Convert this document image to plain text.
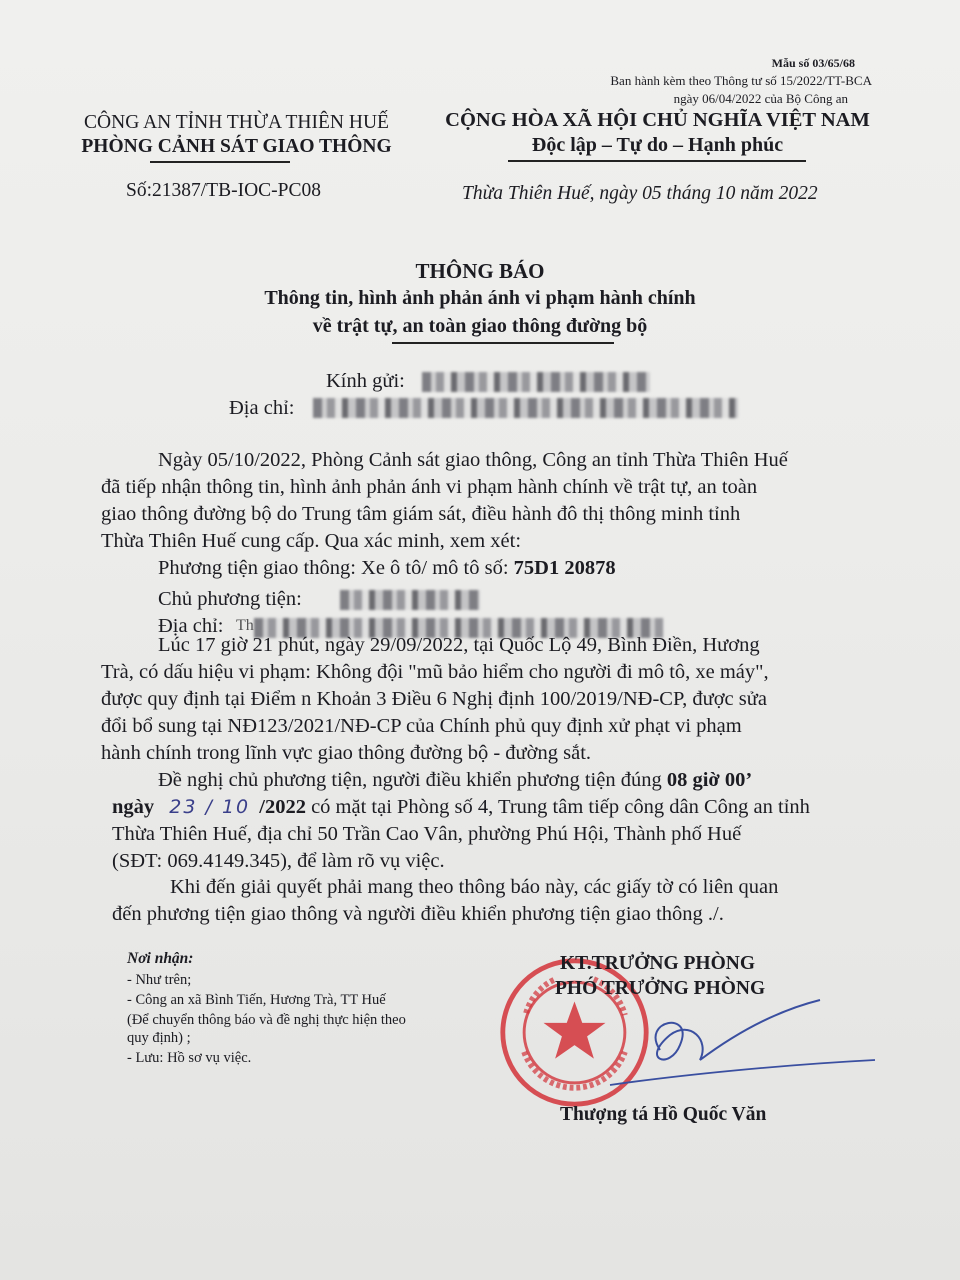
Mẫu số 03/65/68
Ban hành kèm theo Thông tư số 15/2022/TT-BCA
ngày 06/04/2022 của Bộ Công an
CÔNG AN TỈNH THỪA THIÊN HUẾ
PHÒNG CẢNH SÁT GIAO THÔNG
CỘNG HÒA XÃ HỘI CHỦ NGHĨA VIỆT NAM
Độc lập – Tự do – Hạnh phúc
Số:21387/TB-IOC-PC08	Thừa Thiên Huế, ngày 05 tháng 10 năm 2022
THÔNG BÁO
Thông tin, hình ảnh phản ánh vi phạm hành chính
về trật tự, an toàn giao thông đường bộ
Kính gửi:
Địa chỉ:
Ngày 05/10/2022, Phòng Cảnh sát giao thông, Công an tỉnh Thừa Thiên Huế
đã tiếp nhận thông tin, hình ảnh phản ánh vi phạm hành chính về trật tự, an toàn
giao thông đường bộ do Trung tâm giám sát, điều hành đô thị thông minh tỉnh
Thừa Thiên Huế cung cấp. Qua xác minh, xem xét:
Phương tiện giao thông: Xe ô tô/ mô tô số: 75D1 20878
Chủ phương tiện:
Địa chỉ: Th
Lúc 17 giờ 21 phút, ngày 29/09/2022, tại Quốc Lộ 49, Bình Điền, Hương
Trà, có dấu hiệu vi phạm: Không đội "mũ bảo hiểm cho người đi mô tô, xe máy",
được quy định tại Điểm n Khoản 3 Điều 6 Nghị định 100/2019/NĐ-CP, được sửa
đổi bổ sung tại NĐ123/2021/NĐ-CP của Chính phủ quy định xử phạt vi phạm
hành chính trong lĩnh vực giao thông đường bộ - đường sắt.
Đề nghị chủ phương tiện, người điều khiển phương tiện đúng 08 giờ 00’
ngày 23 / 10 /2022 có mặt tại Phòng số 4, Trung tâm tiếp công dân Công an tỉnh
Thừa Thiên Huế, địa chỉ 50 Trần Cao Vân, phường Phú Hội, Thành phố Huế
(SĐT: 069.4149.345), để làm rõ vụ việc.
Khi đến giải quyết phải mang theo thông báo này, các giấy tờ có liên quan
đến phương tiện giao thông và người điều khiển phương tiện giao thông ./.
Nơi nhận:
- Như trên;
- Công an xã Bình Tiến, Hương Trà, TT Huế
(Để chuyển thông báo và đề nghị thực hiện theo
quy định) ;
- Lưu: Hồ sơ vụ việc.
KT.TRƯỞNG PHÒNG
PHÓ TRƯỞNG PHÒNG
Thượng tá Hồ Quốc Văn
